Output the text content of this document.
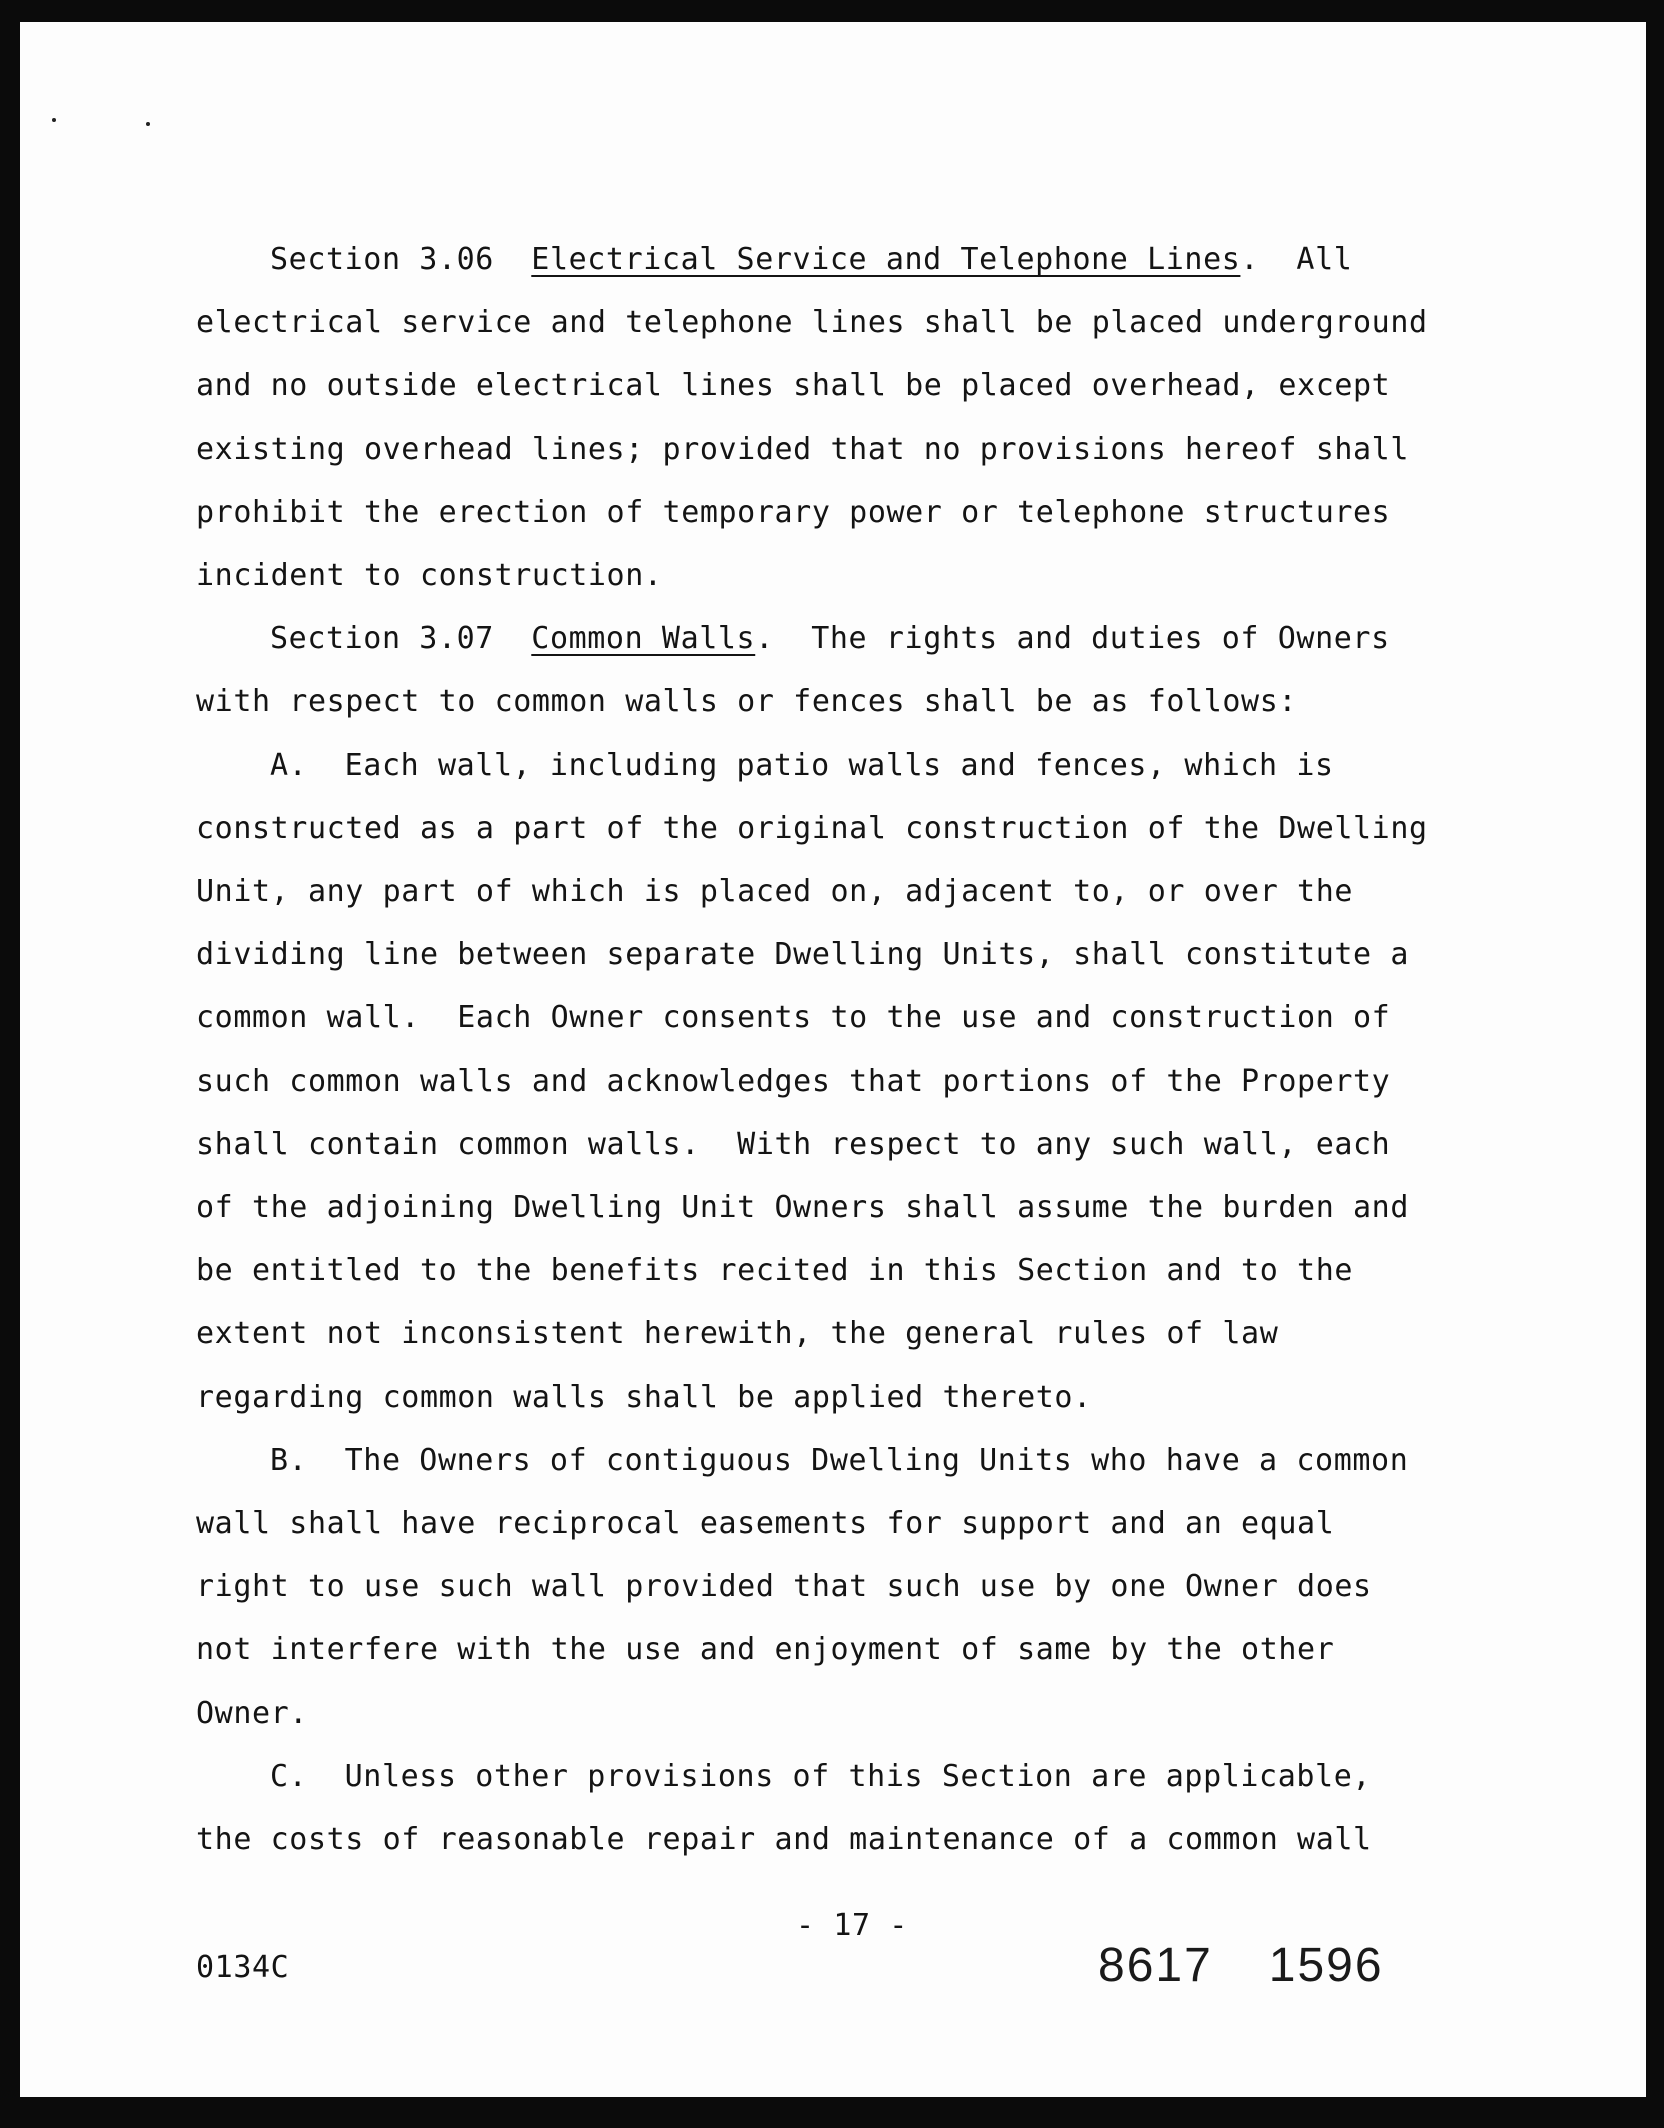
Section 3.06 Electrical Service and Telephone Lines.  All
electrical service and telephone lines shall be placed underground
and no outside electrical lines shall be placed overhead, except
existing overhead lines; provided that no provisions hereof shall
prohibit the erection of temporary power or telephone structures
incident to construction.
Section 3.07 Common Walls.  The rights and duties of Owners
with respect to common walls or fences shall be as follows:
A.  Each wall, including patio walls and fences, which is
constructed as a part of the original construction of the Dwelling
Unit, any part of which is placed on, adjacent to, or over the
dividing line between separate Dwelling Units, shall constitute a
common wall.  Each Owner consents to the use and construction of
such common walls and acknowledges that portions of the Property
shall contain common walls.  With respect to any such wall, each
of the adjoining Dwelling Unit Owners shall assume the burden and
be entitled to the benefits recited in this Section and to the
extent not inconsistent herewith, the general rules of law
regarding common walls shall be applied thereto.
B.  The Owners of contiguous Dwelling Units who have a common
wall shall have reciprocal easements for support and an equal
right to use such wall provided that such use by one Owner does
not interfere with the use and enjoyment of same by the other
Owner.
C.  Unless other provisions of this Section are applicable,
the costs of reasonable repair and maintenance of a common wall
- 17 -
0134C	8617 1596
